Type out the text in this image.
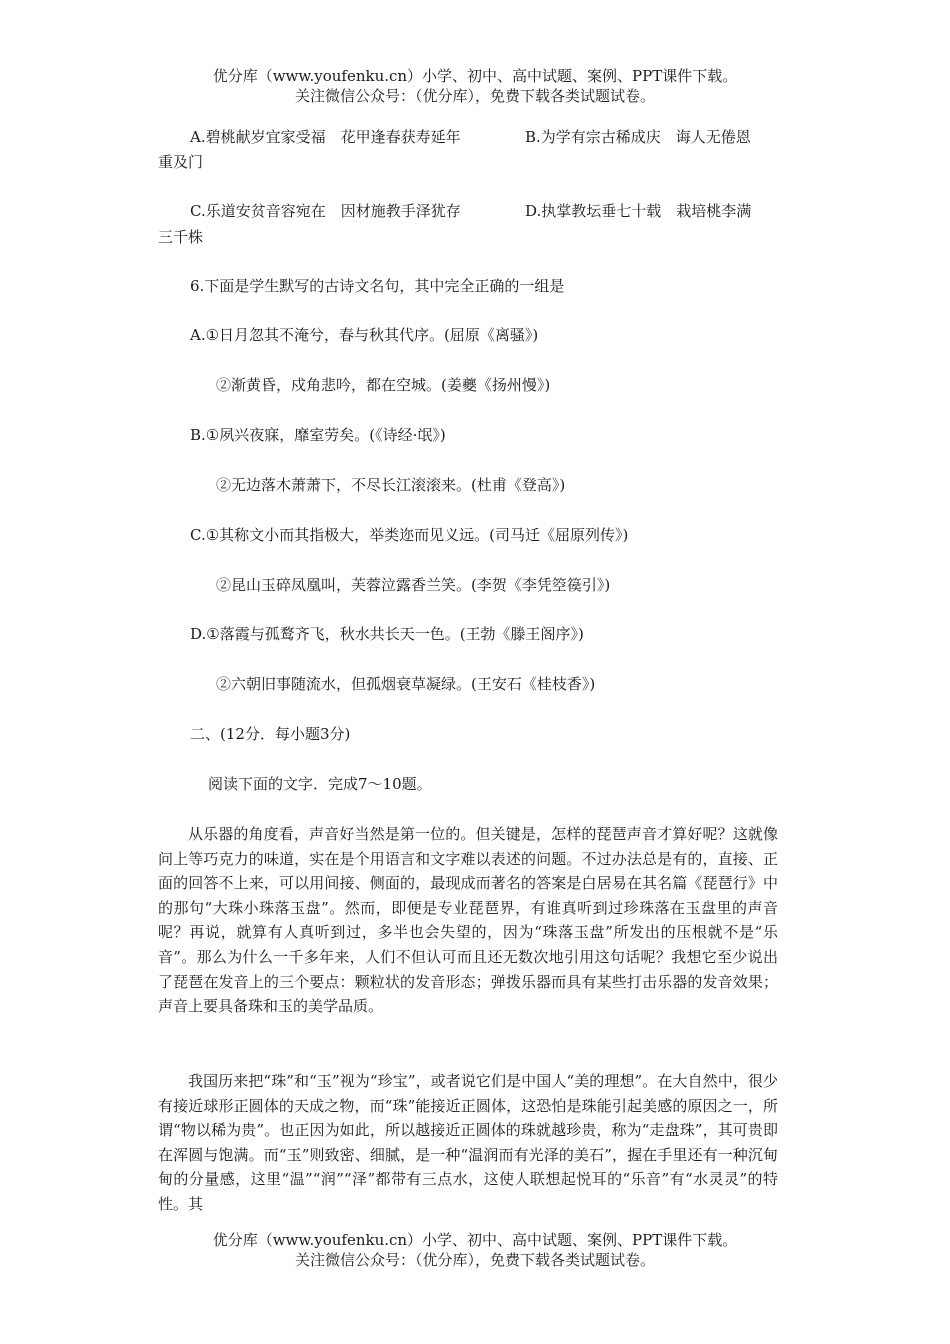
优分库（www.youfenku.cn）小学、初中、高中试题、案例、PPT课件下载。
关注微信公众号：（优分库），免费下载各类试题试卷。
A.碧桃献岁宜家受福　花甲逢春获寿延年	B.为学有宗古稀成庆　诲人无倦恩
重及门
C.乐道安贫音容宛在　因材施教手泽犹存	D.执掌教坛垂七十载　栽培桃李满
三千株
6.下面是学生默写的古诗文名句，其中完全正确的一组是
A.①日月忽其不淹兮，春与秋其代序。(屈原《离骚》)
②渐黄昏，戍角悲吟，都在空城。(姜夔《扬州慢》)
B.①夙兴夜寐，靡室劳矣。(《诗经·氓》)
②无边落木萧萧下，不尽长江滚滚来。(杜甫《登高》)
C.①其称文小而其指极大，举类迩而见义远。(司马迁《屈原列传》)
②昆山玉碎凤凰叫，芙蓉泣露香兰笑。(李贺《李凭箜篌引》)
D.①落霞与孤鹜齐飞，秋水共长天一色。(王勃《滕王阁序》)
②六朝旧事随流水，但孤烟衰草凝绿。(王安石《桂枝香》)
二、(12分．每小题3分)
阅读下面的文字．完成7～10题。

从乐器的角度看，声音好当然是第一位的。但关键是，怎样的琵琶声音才算好呢？这就像问上等巧克力的味道，实在是个用语言和文字难以表述的问题。不过办法总是有的，直接、正面的回答不上来，可以用间接、侧面的，最现成而著名的答案是白居易在其名篇《琵琶行》中的那句“大珠小珠落玉盘”。然而，即便是专业琵琶界，有谁真听到过珍珠落在玉盘里的声音呢？再说，就算有人真听到过，多半也会失望的，因为“珠落玉盘”所发出的压根就不是“乐音”。那么为什么一千多年来，人们不但认可而且还无数次地引用这句话呢？我想它至少说出了琵琶在发音上的三个要点：颗粒状的发音形态；弹拨乐器而具有某些打击乐器的发音效果；声音上要具备珠和玉的美学品质。

我国历来把“珠”和“玉”视为“珍宝”，或者说它们是中国人“美的理想”。在大自然中，很少有接近球形正圆体的天成之物，而“珠”能接近正圆体，这恐怕是珠能引起美感的原因之一，所谓“物以稀为贵”。也正因为如此，所以越接近正圆体的珠就越珍贵，称为“走盘珠”，其可贵即在浑圆与饱满。而“玉”则致密、细腻，是一种“温润而有光泽的美石”，握在手里还有一种沉甸甸的分量感，这里“温”“润”“泽”都带有三点水，这使人联想起悦耳的“乐音”有“水灵灵”的特性。其

优分库（www.youfenku.cn）小学、初中、高中试题、案例、PPT课件下载。
关注微信公众号：（优分库），免费下载各类试题试卷。
